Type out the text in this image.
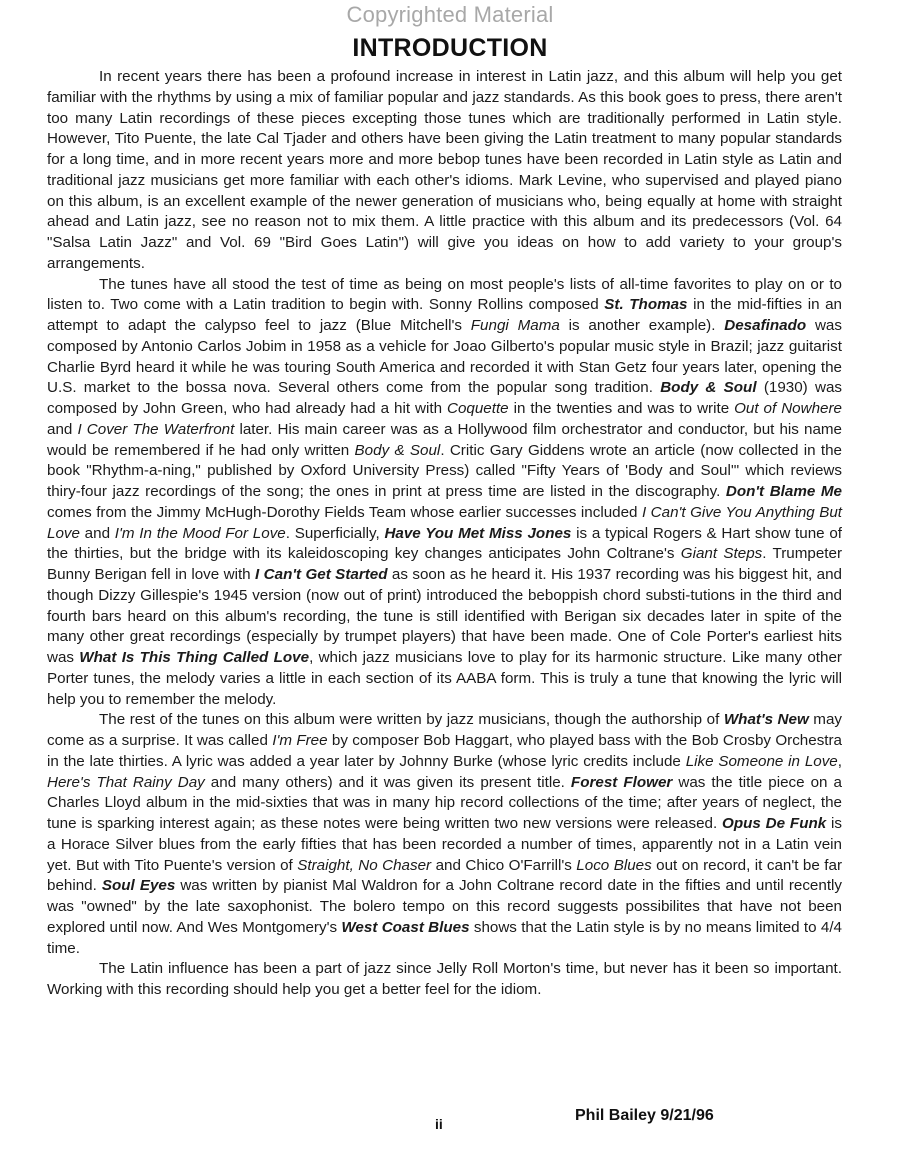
Copyrighted Material
INTRODUCTION

In recent years there has been a profound increase in interest in Latin jazz, and this album will help you get familiar with the rhythms by using a mix of familiar popular and jazz standards. As this book goes to press, there aren't too many Latin recordings of these pieces excepting those tunes which are traditionally performed in Latin style. However, Tito Puente, the late Cal Tjader and others have been giving the Latin treatment to many popular standards for a long time, and in more recent years more and more bebop tunes have been recorded in Latin style as Latin and traditional jazz musicians get more familiar with each other's idioms. Mark Levine, who supervised and played piano on this album, is an excellent example of the newer generation of musicians who, being equally at home with straight ahead and Latin jazz, see no reason not to mix them. A little practice with this album and its predecessors (Vol. 64 "Salsa Latin Jazz" and Vol. 69 "Bird Goes Latin") will give you ideas on how to add variety to your group's arrangements.

The tunes have all stood the test of time as being on most people's lists of all-time favorites to play on or to listen to. Two come with a Latin tradition to begin with. Sonny Rollins composed St. Thomas in the mid-fifties in an attempt to adapt the calypso feel to jazz (Blue Mitchell's Fungi Mama is another example). Desafinado was composed by Antonio Carlos Jobim in 1958 as a vehicle for Joao Gilberto's popular music style in Brazil; jazz guitarist Charlie Byrd heard it while he was touring South America and recorded it with Stan Getz four years later, opening the U.S. market to the bossa nova. Several others come from the popular song tradition. Body & Soul (1930) was composed by John Green, who had already had a hit with Coquette in the twenties and was to write Out of Nowhere and I Cover The Waterfront later. His main career was as a Hollywood film orchestrator and conductor, but his name would be remembered if he had only written Body & Soul. Critic Gary Giddens wrote an article (now collected in the book "Rhythm-a-ning," published by Oxford University Press) called "Fifty Years of 'Body and Soul'" which reviews thiry-four jazz recordings of the song; the ones in print at press time are listed in the discography. Don't Blame Me comes from the Jimmy McHugh-Dorothy Fields Team whose earlier successes included I Can't Give You Anything But Love and I'm In the Mood For Love. Superficially, Have You Met Miss Jones is a typical Rogers & Hart show tune of the thirties, but the bridge with its kaleidoscoping key changes anticipates John Coltrane's Giant Steps. Trumpeter Bunny Berigan fell in love with I Can't Get Started as soon as he heard it. His 1937 recording was his biggest hit, and though Dizzy Gillespie's 1945 version (now out of print) introduced the beboppish chord substi-tutions in the third and fourth bars heard on this album's recording, the tune is still identified with Berigan six decades later in spite of the many other great recordings (especially by trumpet players) that have been made. One of Cole Porter's earliest hits was What Is This Thing Called Love, which jazz musicians love to play for its harmonic structure. Like many other Porter tunes, the melody varies a little in each section of its AABA form. This is truly a tune that knowing the lyric will help you to remember the melody.

The rest of the tunes on this album were written by jazz musicians, though the authorship of What's New may come as a surprise. It was called I'm Free by composer Bob Haggart, who played bass with the Bob Crosby Orchestra in the late thirties. A lyric was added a year later by Johnny Burke (whose lyric credits include Like Someone in Love, Here's That Rainy Day and many others) and it was given its present title. Forest Flower was the title piece on a Charles Lloyd album in the mid-sixties that was in many hip record collections of the time; after years of neglect, the tune is sparking interest again; as these notes were being written two new versions were released. Opus De Funk is a Horace Silver blues from the early fifties that has been recorded a number of times, apparently not in a Latin vein yet. But with Tito Puente's version of Straight, No Chaser and Chico O'Farrill's Loco Blues out on record, it can't be far behind. Soul Eyes was written by pianist Mal Waldron for a John Coltrane record date in the fifties and until recently was "owned" by the late saxophonist. The bolero tempo on this record suggests possibilites that have not been explored until now. And Wes Montgomery's West Coast Blues shows that the Latin style is by no means limited to 4/4 time.

The Latin influence has been a part of jazz since Jelly Roll Morton's time, but never has it been so important. Working with this recording should help you get a better feel for the idiom.

Phil Bailey 9/21/96
ii
